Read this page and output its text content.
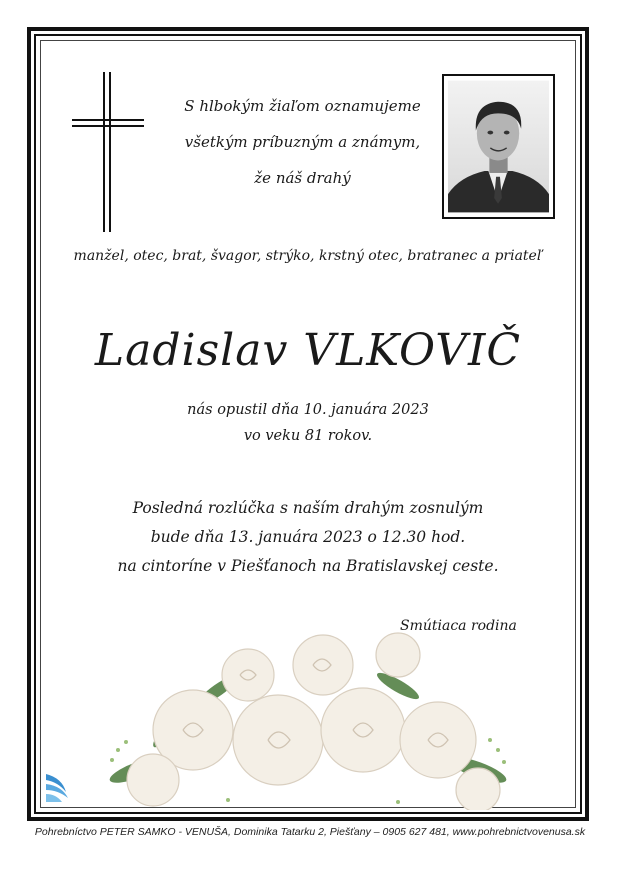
S hlbokým žiaľom oznamujeme
všetkým príbuzným a známym,
že náš drahý
manžel, otec, brat, švagor, strýko, krstný otec, bratranec a priateľ
Ladislav VLKOVIČ
nás opustil dňa 10. januára 2023
vo veku 81 rokov.
Posledná rozlúčka s naším drahým zosnulým
bude dňa 13. januára 2023 o 12.30 hod.
na cintoríne v Piešťanoch na Bratislavskej ceste.
Smútiaca rodina
Pohrebníctvo PETER SAMKO - VENUŠA, Dominika Tatarku 2, Piešťany – 0905 627 481, www.pohrebnictvovenusa.sk
